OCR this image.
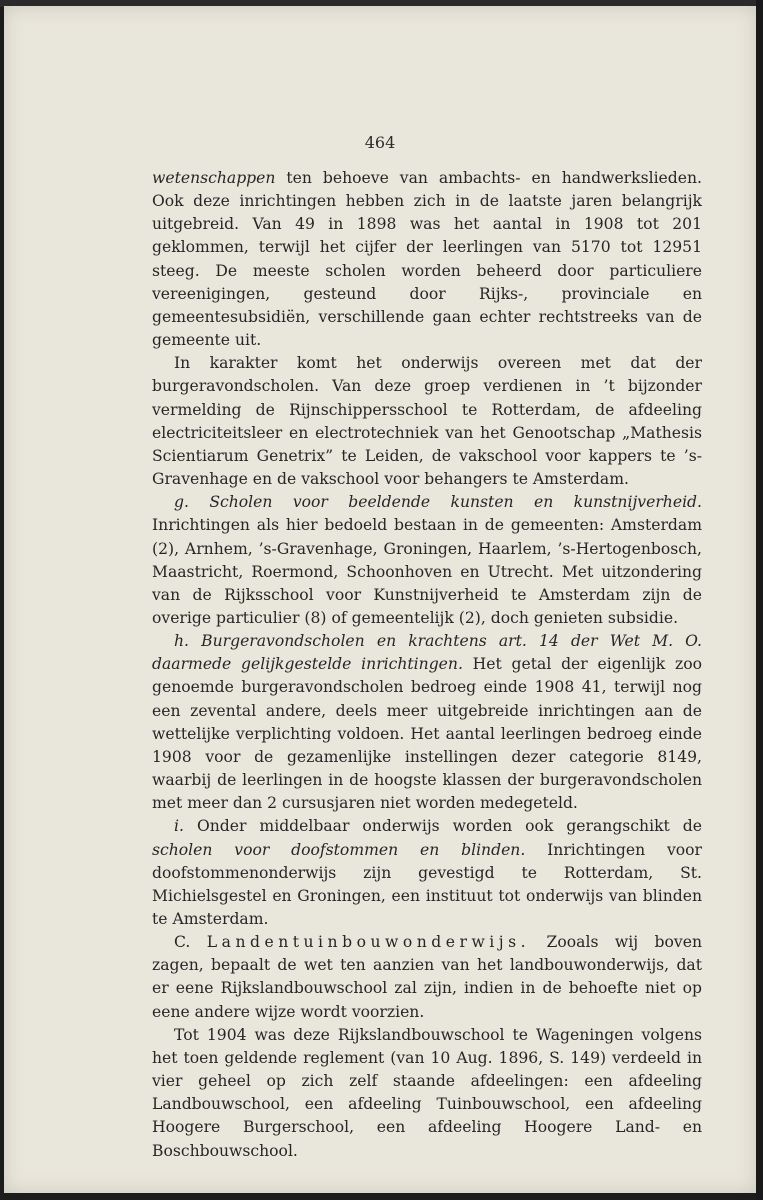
464

wetenschappen ten behoeve van ambachts- en handwerkslieden. Ook deze inrichtingen hebben zich in de laatste jaren belangrijk uitgebreid. Van 49 in 1898 was het aantal in 1908 tot 201 geklommen, terwijl het cijfer der leerlingen van 5170 tot 12951 steeg. De meeste scholen worden beheerd door particuliere vereenigingen, gesteund door Rijks-, provinciale en gemeentesubsidiën, verschillende gaan echter rechtstreeks van de gemeente uit.

In karakter komt het onderwijs overeen met dat der burgeravondscholen. Van deze groep verdienen in ’t bijzonder vermelding de Rijnschippersschool te Rotterdam, de afdeeling electriciteitsleer en electrotechniek van het Genootschap „Mathesis Scientiarum Genetrix” te Leiden, de vakschool voor kappers te ’s-Gravenhage en de vakschool voor behangers te Amsterdam.

g. Scholen voor beeldende kunsten en kunstnijverheid. Inrichtingen als hier bedoeld bestaan in de gemeenten: Amsterdam (2), Arnhem, ’s-Gravenhage, Groningen, Haarlem, ’s-Hertogenbosch, Maastricht, Roermond, Schoonhoven en Utrecht. Met uitzondering van de Rijksschool voor Kunstnijverheid te Amsterdam zijn de overige particulier (8) of gemeentelijk (2), doch genieten subsidie.

h. Burgeravondscholen en krachtens art. 14 der Wet M. O. daarmede gelijkgestelde inrichtingen. Het getal der eigenlijk zoo genoemde burgeravondscholen bedroeg einde 1908 41, terwijl nog een zevental andere, deels meer uitgebreide inrichtingen aan de wettelijke verplichting voldoen. Het aantal leerlingen bedroeg einde 1908 voor de gezamenlijke instellingen dezer categorie 8149, waarbij de leerlingen in de hoogste klassen der burgeravondscholen met meer dan 2 cursusjaren niet worden medegeteld.

i. Onder middelbaar onderwijs worden ook gerangschikt de scholen voor doofstommen en blinden. Inrichtingen voor doofstommenonderwijs zijn gevestigd te Rotterdam, St. Michielsgestel en Groningen, een instituut tot onderwijs van blinden te Amsterdam.

C. Landentuinbouwonderwijs. Zooals wij boven zagen, bepaalt de wet ten aanzien van het landbouwonderwijs, dat er eene Rijkslandbouwschool zal zijn, indien in de behoefte niet op eene andere wijze wordt voorzien.

Tot 1904 was deze Rijkslandbouwschool te Wageningen volgens het toen geldende reglement (van 10 Aug. 1896, S. 149) verdeeld in vier geheel op zich zelf staande afdeelingen: een afdeeling Landbouwschool, een afdeeling Tuinbouwschool, een afdeeling Hoogere Burgerschool, een afdeeling Hoogere Land- en Boschbouwschool.
